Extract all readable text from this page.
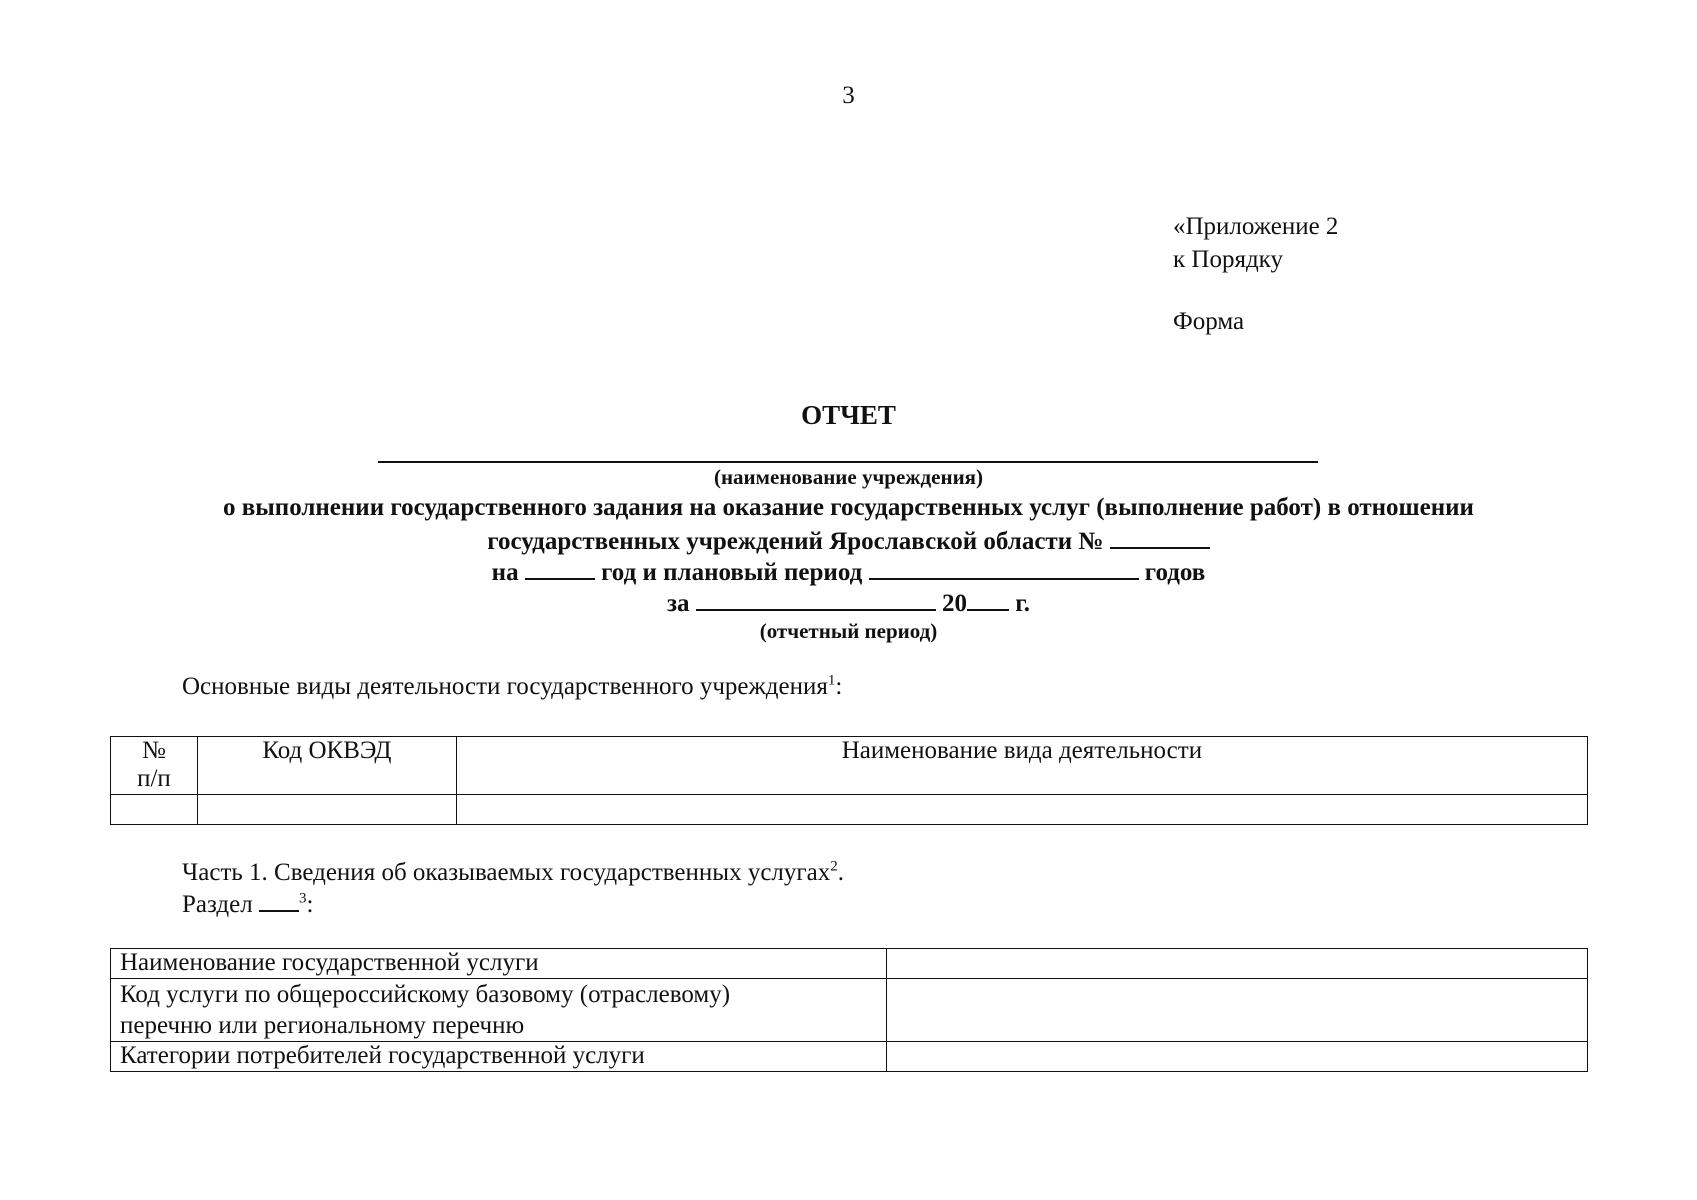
3
«Приложение 2
к Порядку
Форма
ОТЧЕТ
(наименование учреждения)
о выполнении государственного задания на оказание государственных услуг (выполнение работ) в отношении
государственных учреждений Ярославской области №
на	год и плановый период	годов
за	20 г.
(отчетный период)
Основные виды деятельности государственного учреждения$^1$:
№
п/п	Код ОКВЭД	Наименование вида деятельности

Часть 1. Сведения об оказываемых государственных услугах$^2$.
Раздел	$^3$:
Наименование государственной услуги	

Код услуги по общероссийскому базовому (отраслевому)
перечню или региональному перечню	

Категории потребителей государственной услуги	
